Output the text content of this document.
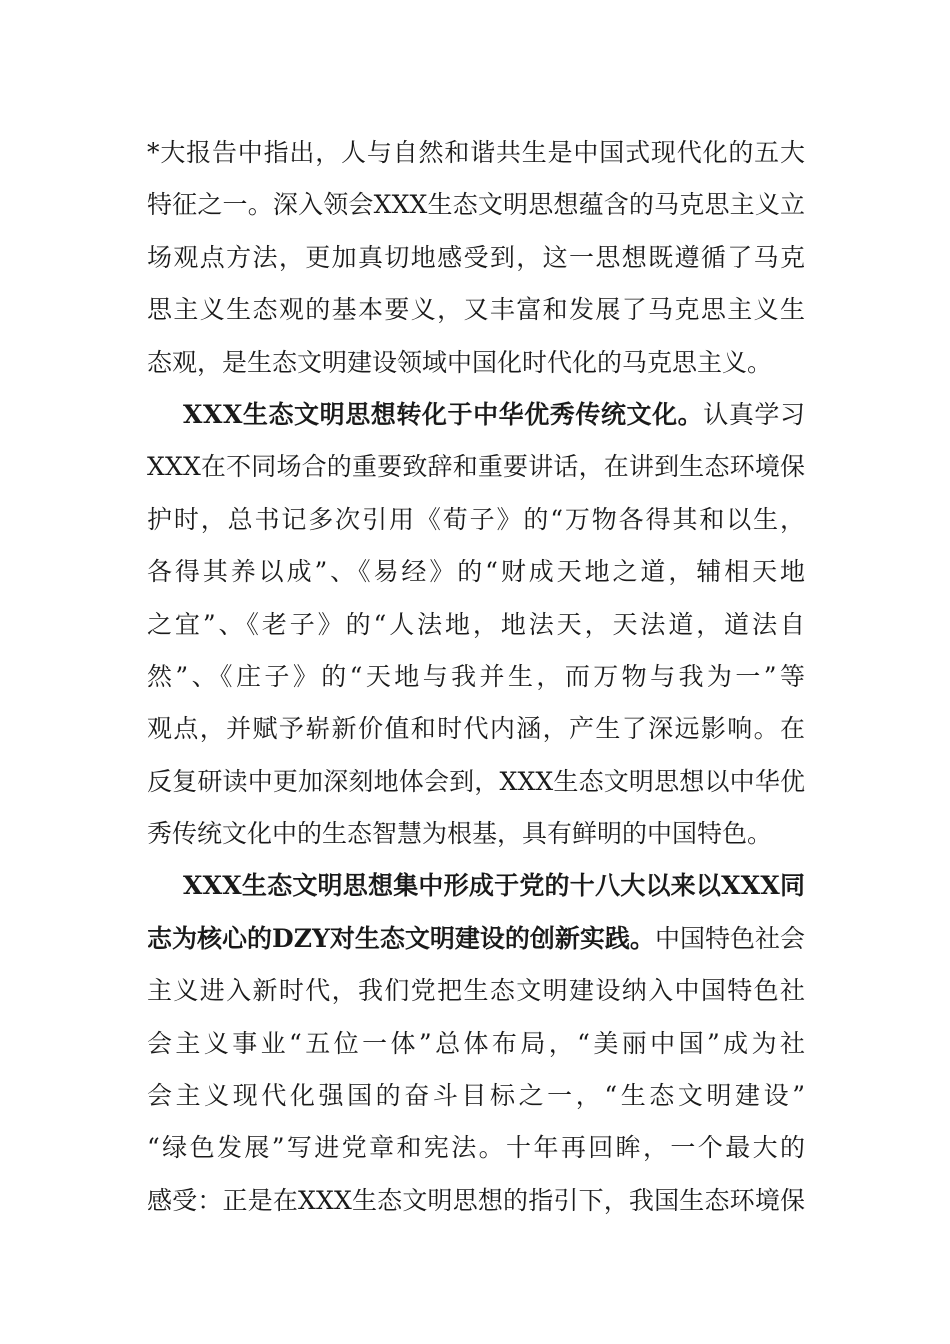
*大报告中指出，人与自然和谐共生是中国式现代化的五大
特征之一。深入领会XXX生态文明思想蕴含的马克思主义立
场观点方法，更加真切地感受到，这一思想既遵循了马克
思主义生态观的基本要义，又丰富和发展了马克思主义生
态观，是生态文明建设领域中国化时代化的马克思主义。
XXX生态文明思想转化于中华优秀传统文化。认真学习
XXX在不同场合的重要致辞和重要讲话，在讲到生态环境保
护时，总书记多次引用《荀子》的“万物各得其和以生，
各得其养以成”、《易经》的“财成天地之道，辅相天地
之宜”、《老子》的“人法地，地法天，天法道，道法自
然”、《庄子》的“天地与我并生，而万物与我为一”等
观点，并赋予崭新价值和时代内涵，产生了深远影响。在
反复研读中更加深刻地体会到，XXX生态文明思想以中华优
秀传统文化中的生态智慧为根基，具有鲜明的中国特色。
XXX生态文明思想集中形成于党的十八大以来以XXX同
志为核心的DZY对生态文明建设的创新实践。中国特色社会
主义进入新时代，我们党把生态文明建设纳入中国特色社
会主义事业“五位一体”总体布局，“美丽中国”成为社
会主义现代化强国的奋斗目标之一，“生态文明建设”
“绿色发展”写进党章和宪法。十年再回眸，一个最大的
感受：正是在XXX生态文明思想的指引下，我国生态环境保
